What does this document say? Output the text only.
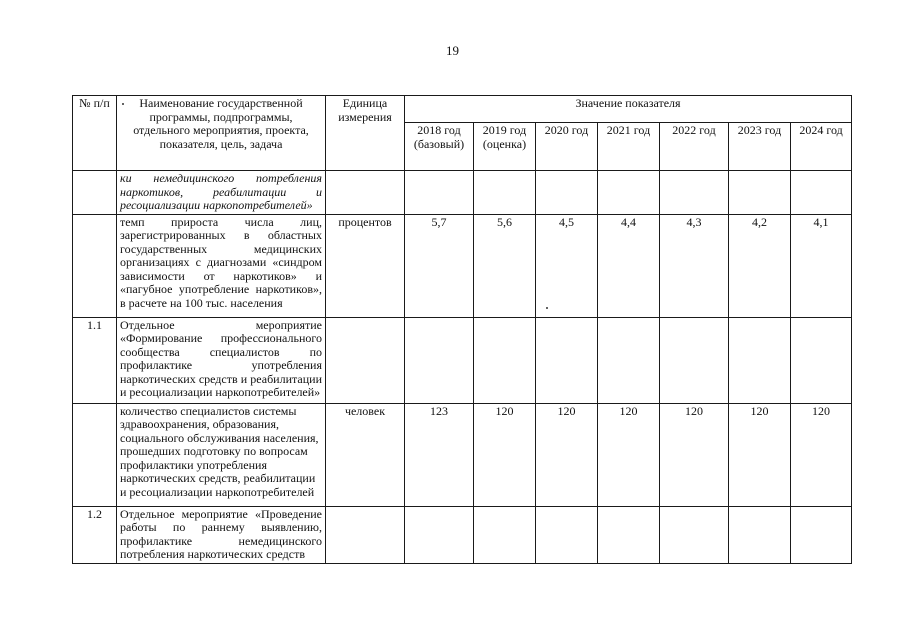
19
№ п/п	Наименование государственной программы, подпрограммы, отдельного мероприятия, проекта, показателя, цель, задача	Единица измерения	Значение показателя						
			2018 год (базовый)	2019 год (оценка)	2020 год	2021 год	2022 год	2023 год	2024 год
	ки немедицинского потребления наркотиков, реабилитации и ресоциализации наркопотребителей»								
	темп прироста числа лиц, зарегистрированных в областных государственных медицинских организациях с диагнозами «синдром зависимости от наркотиков» и «пагубное употребление наркотиков», в расчете на 100 тыс. населения	процентов	5,7	5,6	4,5	4,4	4,3	4,2	4,1
1.1	Отдельное мероприятие «Формирование профессионального сообщества специалистов по профилактике употребления наркотических средств и реабилитации и ресоциализации наркопотребителей»								
	количество специалистов системы здравоохранения, образования, социального обслуживания населения, прошедших подготовку по вопросам профилактики употребления наркотических средств, реабилитации и ресоциализации наркопотребителей	человек	123	120	120	120	120	120	120
1.2	Отдельное мероприятие «Проведение работы по раннему выявлению, профилактике немедицинского потребления наркотических средств								
